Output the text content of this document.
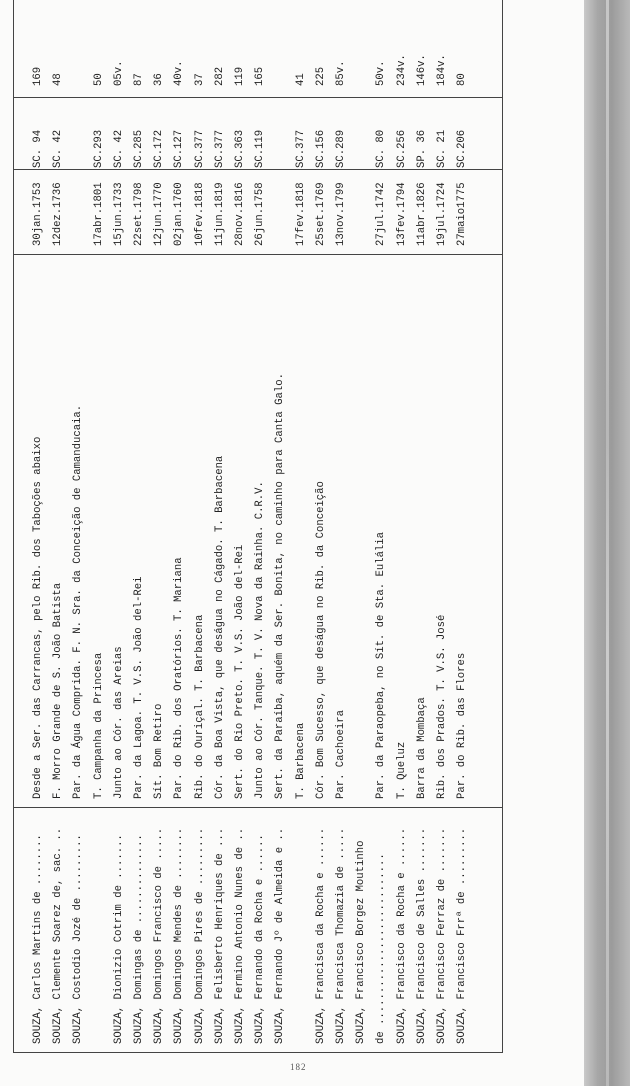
SOUZA, Carlos Martins de ........
Desde a Ser. das Carrancas, pelo Rib. dos Taboções abaixo
30jan.1753
SC. 94
169
SOUZA, Clemente Soarez de, sac. ..
F. Morro Grande de S. João Batista
12dez.1736
SC. 42
48
SOUZA, Costodio Jozé de .........
Par. da Água Comprida. F. N. Sra. da Conceição de Camanducaia. T. Campanha da Princesa
17abr.1801
SC.293
50
SOUZA, Dionizio Cotrim de .......
Junto ao Cór. das Areias
15jun.1733
SC. 42
05v.
SOUZA, Domingas de ..............
Par. da Lagoa. T. V.S. João del-Rei
22set.1798
SC.285
87
SOUZA, Domingos Francisco de .....
Sít. Bom Retiro
12jun.1770
SC.172
36
SOUZA, Domingos Mendes de ........
Par. do Rib. dos Oratórios. T. Mariana
02jan.1760
SC.127
40v.
SOUZA, Domingos Pires de .........
Rib. do Ouriçal. T. Barbacena
10fev.1818
SC.377
37
SOUZA, Felisberto Henriques de ...
Cór. da Boa Vista, que deságua no Cágado. T. Barbacena
11jun.1819
SC.377
282
SOUZA, Fermino Antonio Nunes de ..
Sert. do Rio Preto. T. V.S. João del-Rei
28nov.1816
SC.363
119
SOUZA, Fernando da Rocha e ......
Junto ao Cór. Tanque. T. V. Nova da Rainha. C.R.V.
26jun.1758
SC.119
165
SOUZA, Fernando Jº de Almeida e ..
Sert. da Paraíba, aquém da Ser. Bonita, no caminho para Canta Galo. T. Barbacena
17fev.1818
SC.377
41
SOUZA, Francisca da Rocha e ......
Cór. Bom Sucesso, que deságua no Rib. da Conceição
25set.1769
SC.156
225
SOUZA, Francisca Thomazia de .....
Par. Cachoeira
13nov.1799
SC.289
85v.
SOUZA, Francisco Borgez Moutinho de ...........................
Par. da Paraopeba, no Sít. de Sta. Eulália
27jul.1742
SC. 80
50v.
SOUZA, Francisco da Rocha e ......
T. Queluz
13fev.1794
SC.256
234v.
SOUZA, Francisco de Salles .......
Barra da Mombaça
11abr.1826
SP. 36
146v.
SOUZA, Francisco Ferraz de .......
Rib. dos Prados. T. V.S. José
19jul.1724
SC. 21
184v.
SOUZA, Francisco Frrª de .........
Par. do Rib. das Flores
27maio1775
SC.206
80
182
